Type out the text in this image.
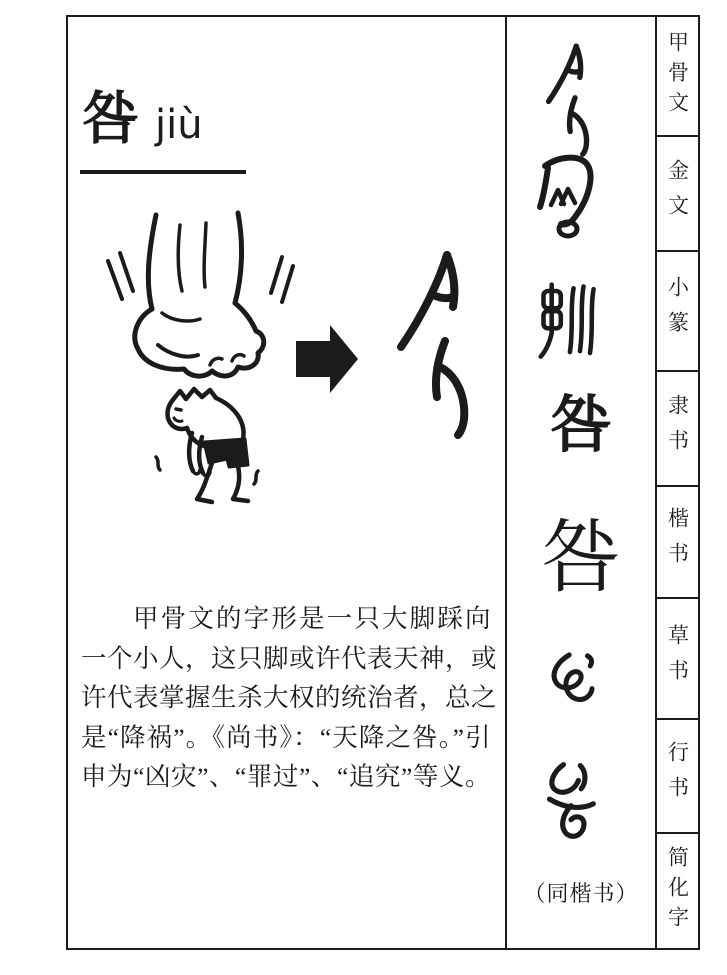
咎 jiù
甲骨文的字形是一只大脚踩向
一个小人，这只脚或许代表天神，或
许代表掌握生杀大权的统治者，总之
是“降祸”。《尚书》：“天降之咎。”引
申为“凶灾”、“罪过”、“追究”等义。
咎
咎
（同楷书）
甲骨文
金文
小篆
隶书
楷书
草书
行书
简化字
